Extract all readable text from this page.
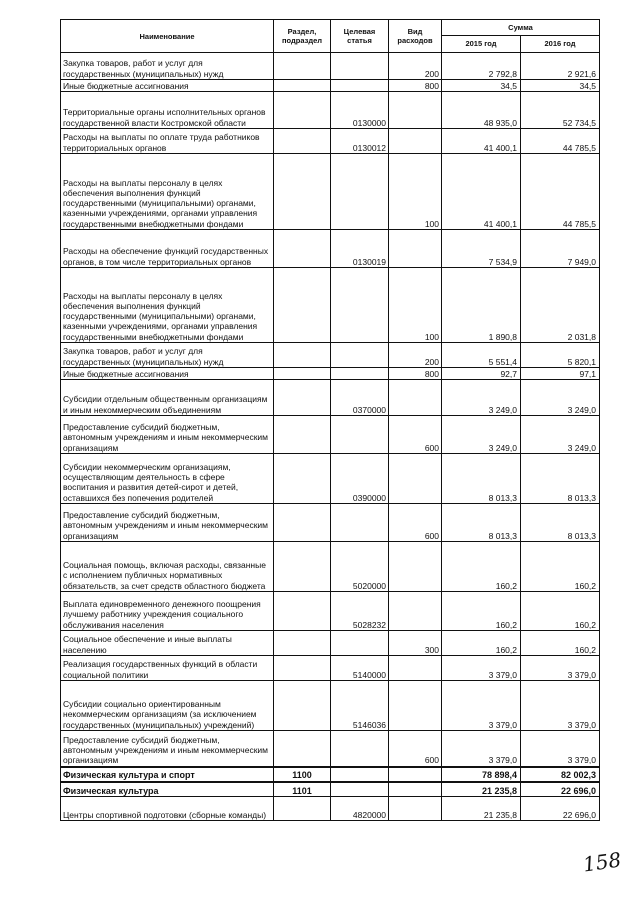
Наименование	Раздел, подраздел	Целевая статья	Вид расходов	Сумма	
				2015 год	2016 год
Закупка товаров, работ и услуг для государственных (муниципальных) нужд			200	2 792,8	2 921,6
Иные бюджетные ассигнования			800	34,5	34,5
Территориальные органы исполнительных органов государственной власти Костромской области		0130000		48 935,0	52 734,5
Расходы на выплаты по оплате труда работников территориальных органов		0130012		41 400,1	44 785,5
Расходы на выплаты персоналу в целях обеспечения выполнения функций государственными (муниципальными) органами, казенными учреждениями, органами управления государственными внебюджетными фондами			100	41 400,1	44 785,5
Расходы на обеспечение функций государственных органов, в том числе территориальных органов		0130019		7 534,9	7 949,0
Расходы на выплаты персоналу в целях обеспечения выполнения функций государственными (муниципальными) органами, казенными учреждениями, органами управления государственными внебюджетными фондами			100	1 890,8	2 031,8
Закупка товаров, работ и услуг для государственных (муниципальных) нужд			200	5 551,4	5 820,1
Иные бюджетные ассигнования			800	92,7	97,1
Субсидии отдельным общественным организациям и иным некоммерческим объединениям		0370000		3 249,0	3 249,0
Предоставление субсидий бюджетным, автономным учреждениям и иным некоммерческим организациям			600	3 249,0	3 249,0
Субсидии некоммерческим организациям, осуществляющим деятельность в сфере воспитания и развития детей-сирот и детей, оставшихся без попечения родителей		0390000		8 013,3	8 013,3
Предоставление субсидий бюджетным, автономным учреждениям и иным некоммерческим организациям			600	8 013,3	8 013,3
Социальная помощь, включая расходы, связанные с исполнением публичных нормативных обязательств, за счет средств областного бюджета		5020000		160,2	160,2
Выплата единовременного денежного поощрения лучшему работнику учреждения социального обслуживания населения		5028232		160,2	160,2
Социальное обеспечение и иные выплаты населению			300	160,2	160,2
Реализация государственных функций в области социальной политики		5140000		3 379,0	3 379,0
Субсидии социально ориентированным некоммерческим организациям (за исключением государственных (муниципальных) учреждений)		5146036		3 379,0	3 379,0
Предоставление субсидий бюджетным, автономным учреждениям и иным некоммерческим организациям			600	3 379,0	3 379,0
Физическая культура и спорт	1100			78 898,4	82 002,3
Физическая культура	1101			21 235,8	22 696,0
Центры спортивной подготовки (сборные команды)		4820000		21 235,8	22 696,0
158
